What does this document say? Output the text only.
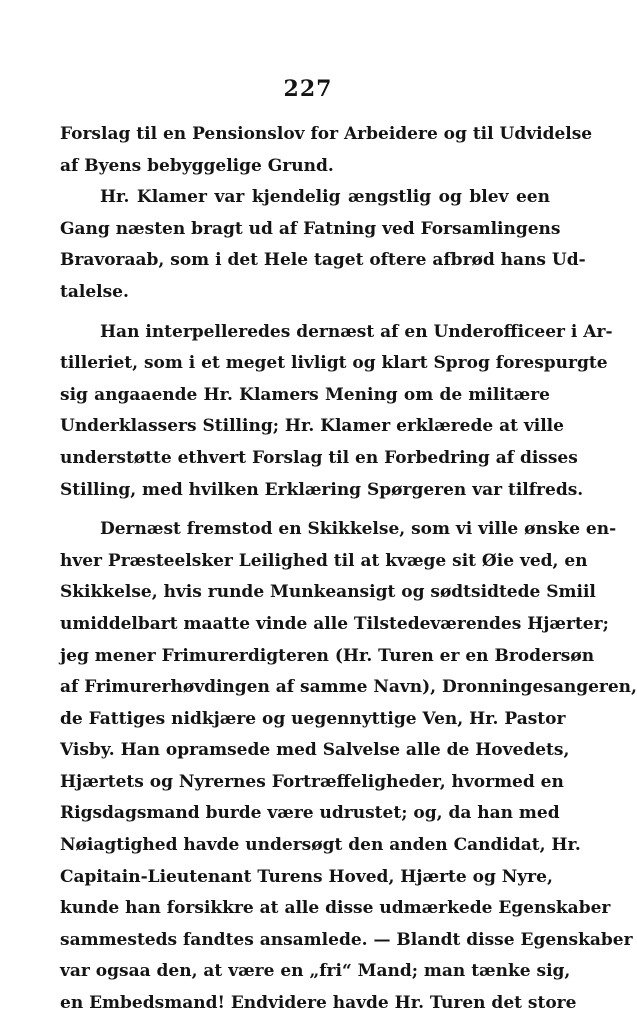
227
Forslag til en Pensionslov for Arbeidere og til Udvidelse
af Byens bebyggelige Grund.
Hr. Klamer var kjendelig ængstlig og blev een
Gang næsten bragt ud af Fatning ved Forsamlingens
Bravoraab, som i det Hele taget oftere afbrød hans Ud-
talelse.
Han interpelleredes dernæst af en Underofficeer i Ar-
tilleriet, som i et meget livligt og klart Sprog forespurgte
sig angaaende Hr. Klamers Mening om de militære
Underklassers Stilling; Hr. Klamer erklærede at ville
understøtte ethvert Forslag til en Forbedring af disses
Stilling, med hvilken Erklæring Spørgeren var tilfreds.
Dernæst fremstod en Skikkelse, som vi ville ønske en-
hver Præsteelsker Leilighed til at kvæge sit Øie ved, en
Skikkelse, hvis runde Munkeansigt og sødtsidtede Smiil
umiddelbart maatte vinde alle Tilstedeværendes Hjærter;
jeg mener Frimurerdigteren (Hr. Turen er en Brodersøn
af Frimurerhøvdingen af samme Navn), Dronningesangeren,
de Fattiges nidkjære og uegennyttige Ven, Hr. Pastor
Visby. Han opramsede med Salvelse alle de Hovedets,
Hjærtets og Nyrernes Fortræffeligheder, hvormed en
Rigsdagsmand burde være udrustet; og, da han med
Nøiagtighed havde undersøgt den anden Candidat, Hr.
Capitain-Lieutenant Turens Hoved, Hjærte og Nyre,
kunde han forsikkre at alle disse udmærkede Egenskaber
sammesteds fandtes ansamlede. — Blandt disse Egenskaber
var ogsaa den, at være en „fri“ Mand; man tænke sig,
en Embedsmand! Endvidere havde Hr. Turen det store
